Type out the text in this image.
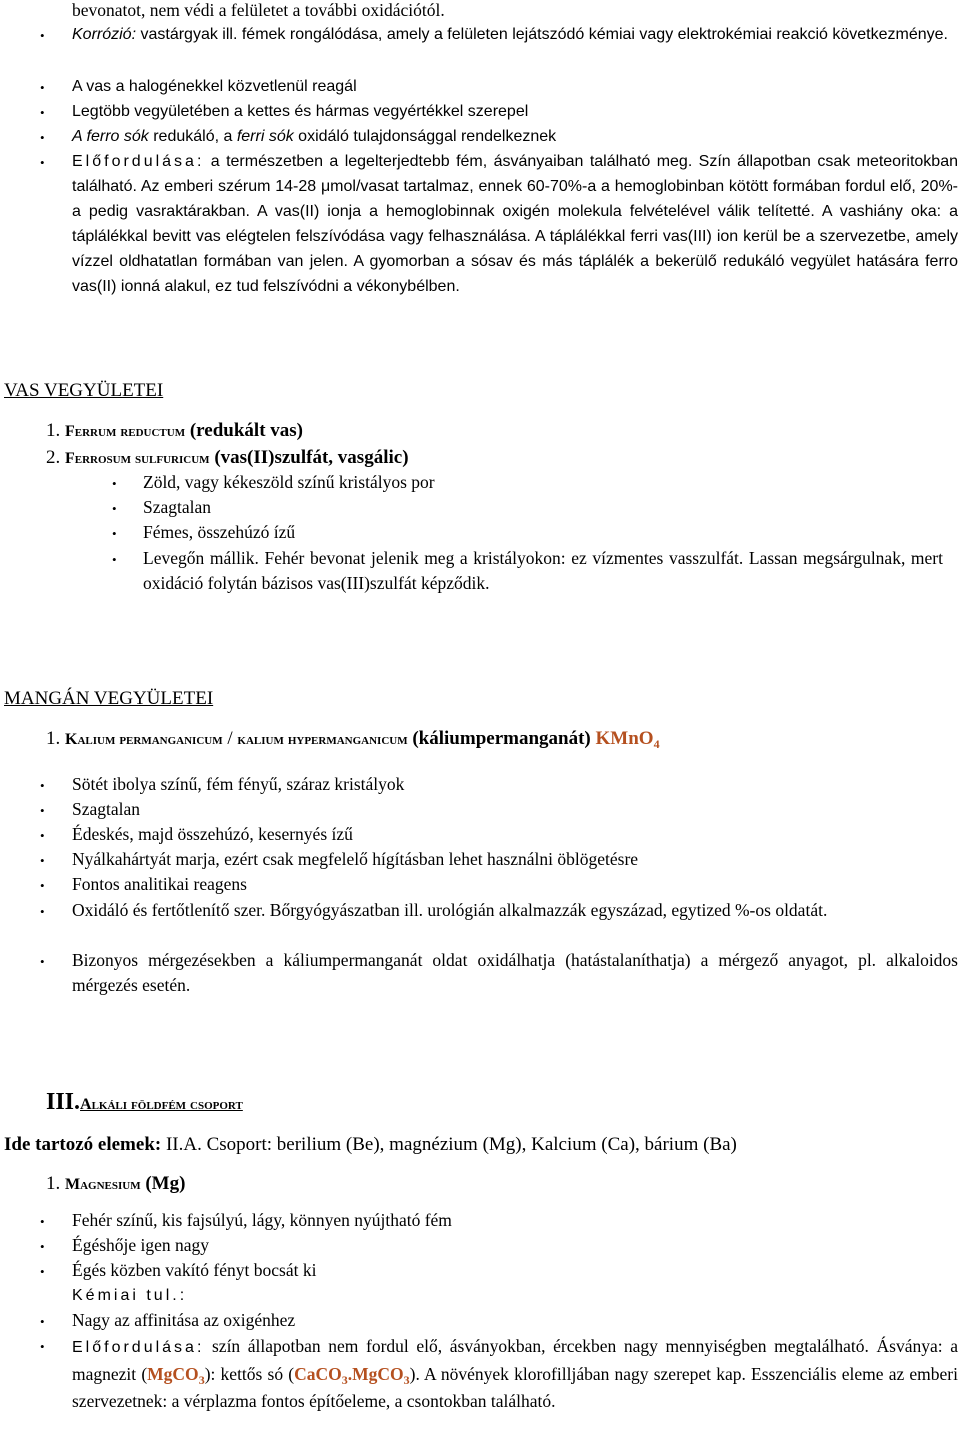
bevonatot, nem védi a felületet a további oxidációtól.
• Korrózió: vastárgyak ill. fémek rongálódása, amely a felületen lejátszódó kémiai vagy elektrokémiai reakció következménye.
• A vas a halogénekkel közvetlenül reagál
• Legtöbb vegyületében a kettes és hármas vegyértékkel szerepel
• A ferro sók redukáló, a ferri sók oxidáló tulajdonsággal rendelkeznek
• Előfordulása: a természetben a legelterjedtebb fém, ásványaiban található meg. Szín állapotban csak meteoritokban található. Az emberi szérum 14-28 μmol/vasat tartalmaz, ennek 60-70%-a a hemoglobinban kötött formában fordul elő, 20%-a pedig vasraktárakban. A vas(II) ionja a hemoglobinnak oxigén molekula felvételével válik telítetté. A vashiány oka: a táplálékkal bevitt vas elégtelen felszívódása vagy felhasználása. A táplálékkal ferri vas(III) ion kerül be a szervezetbe, amely vízzel oldhatatlan formában van jelen. A gyomorban a sósav és más táplálék a bekerülő redukáló vegyület hatására ferro vas(II) ionná alakul, ez tud felszívódni a vékonybélben.
VAS VEGYÜLETEI
1. Ferrum reductum (redukált vas)
2. Ferrosum sulfuricum (vas(II)szulfát, vasgálic)
• Zöld, vagy kékeszöld színű kristályos por
• Szagtalan
• Fémes, összehúzó ízű
• Levegőn mállik. Fehér bevonat jelenik meg a kristályokon: ez vízmentes vasszulfát. Lassan megsárgulnak, mert oxidáció folytán bázisos vas(III)szulfát képződik.
MANGÁN VEGYÜLETEI
1. Kalium permanganicum / kalium hypermanganicum (káliumpermanganát) KMnO$_4$
• Sötét ibolya színű, fém fényű, száraz kristályok
• Szagtalan
• Édeskés, majd összehúzó, kesernyés ízű
• Nyálkahártyát marja, ezért csak megfelelő hígításban lehet használni öblögetésre
• Fontos analitikai reagens
• Oxidáló és fertőtlenítő szer. Bőrgyógyászatban ill. urológián alkalmazzák egyszázad, egytized %-os oldatát.
• Bizonyos mérgezésekben a káliumpermanganát oldat oxidálhatja (hatástalaníthatja) a mérgező anyagot, pl. alkaloidos mérgezés esetén.
III.Alkáli földfém csoport
Ide tartozó elemek: II.A. Csoport: berilium (Be), magnézium (Mg), Kalcium (Ca), bárium (Ba)
1. Magnesium (Mg)
• Fehér színű, kis fajsúlyú, lágy, könnyen nyújtható fém
• Égéshője igen nagy
• Égés közben vakító fényt bocsát ki
Kémiai tul.:
• Nagy az affinitása az oxigénhez
• Előfordulása: szín állapotban nem fordul elő, ásványokban, ércekben nagy mennyiségben megtalálható. Ásványa: a magnezit (MgCO$_3$): kettős só (CaCO$_3$.MgCO$_3$). A növények klorofilljában nagy szerepet kap. Esszenciális eleme az emberi szervezetnek: a vérplazma fontos építőeleme, a csontokban található.
